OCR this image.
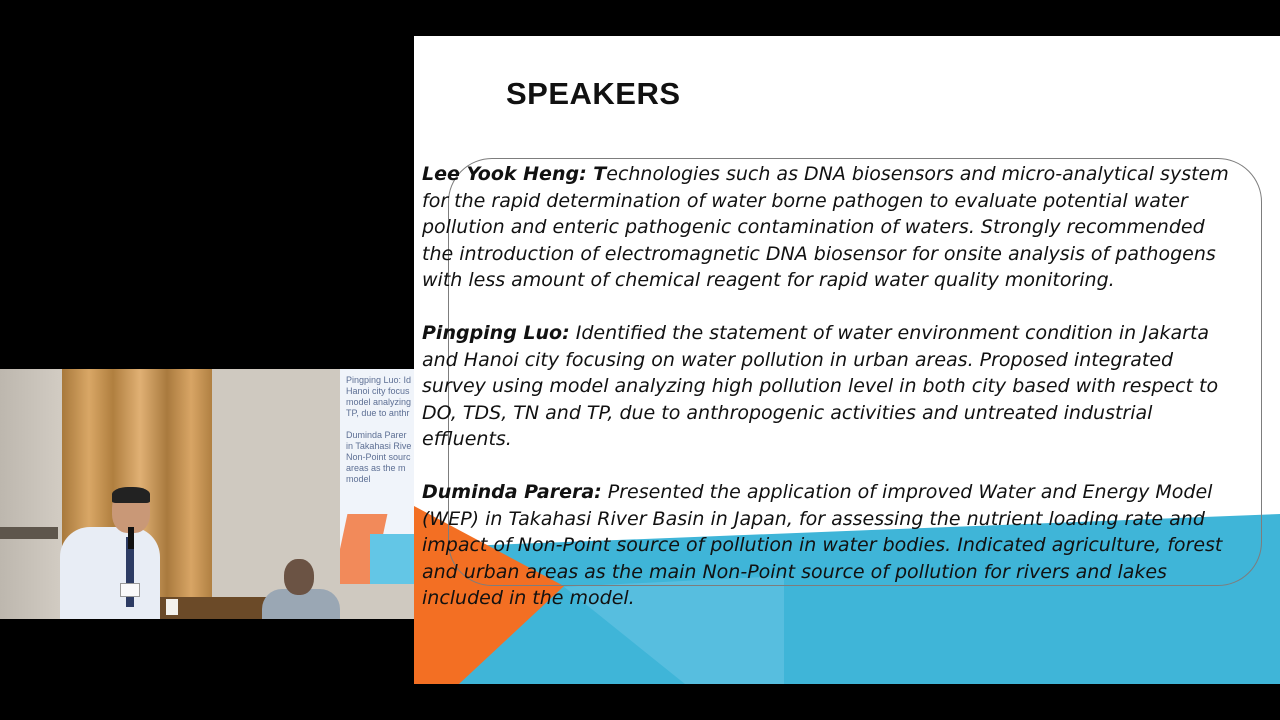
Pingping Luo: Id
Hanoi city focus
model analyzing
TP, due to anthr

Duminda Parer
in Takahasi Rive
Non-Point sourc
areas as the m
model
SPEAKERS

Lee Yook Heng: Technologies such as DNA biosensors and micro-analytical system for the rapid determination of water borne pathogen to evaluate potential water pollution and enteric pathogenic contamination of waters. Strongly recommended the introduction of electromagnetic DNA biosensor for onsite analysis of pathogens with less amount of chemical reagent for rapid water quality monitoring.

Pingping Luo: Identified the statement of water environment condition in Jakarta and Hanoi city focusing on water pollution in urban areas. Proposed integrated survey using model analyzing high pollution level in both city based with respect to DO, TDS, TN and TP, due to anthropogenic activities and untreated industrial effluents.

Duminda Parera: Presented the application of improved Water and Energy Model (WEP) in Takahasi River Basin in Japan, for assessing the nutrient loading rate and impact of Non-Point source of pollution in water bodies. Indicated agriculture, forest and urban areas as the main Non-Point source of pollution for rivers and lakes included in the model.
